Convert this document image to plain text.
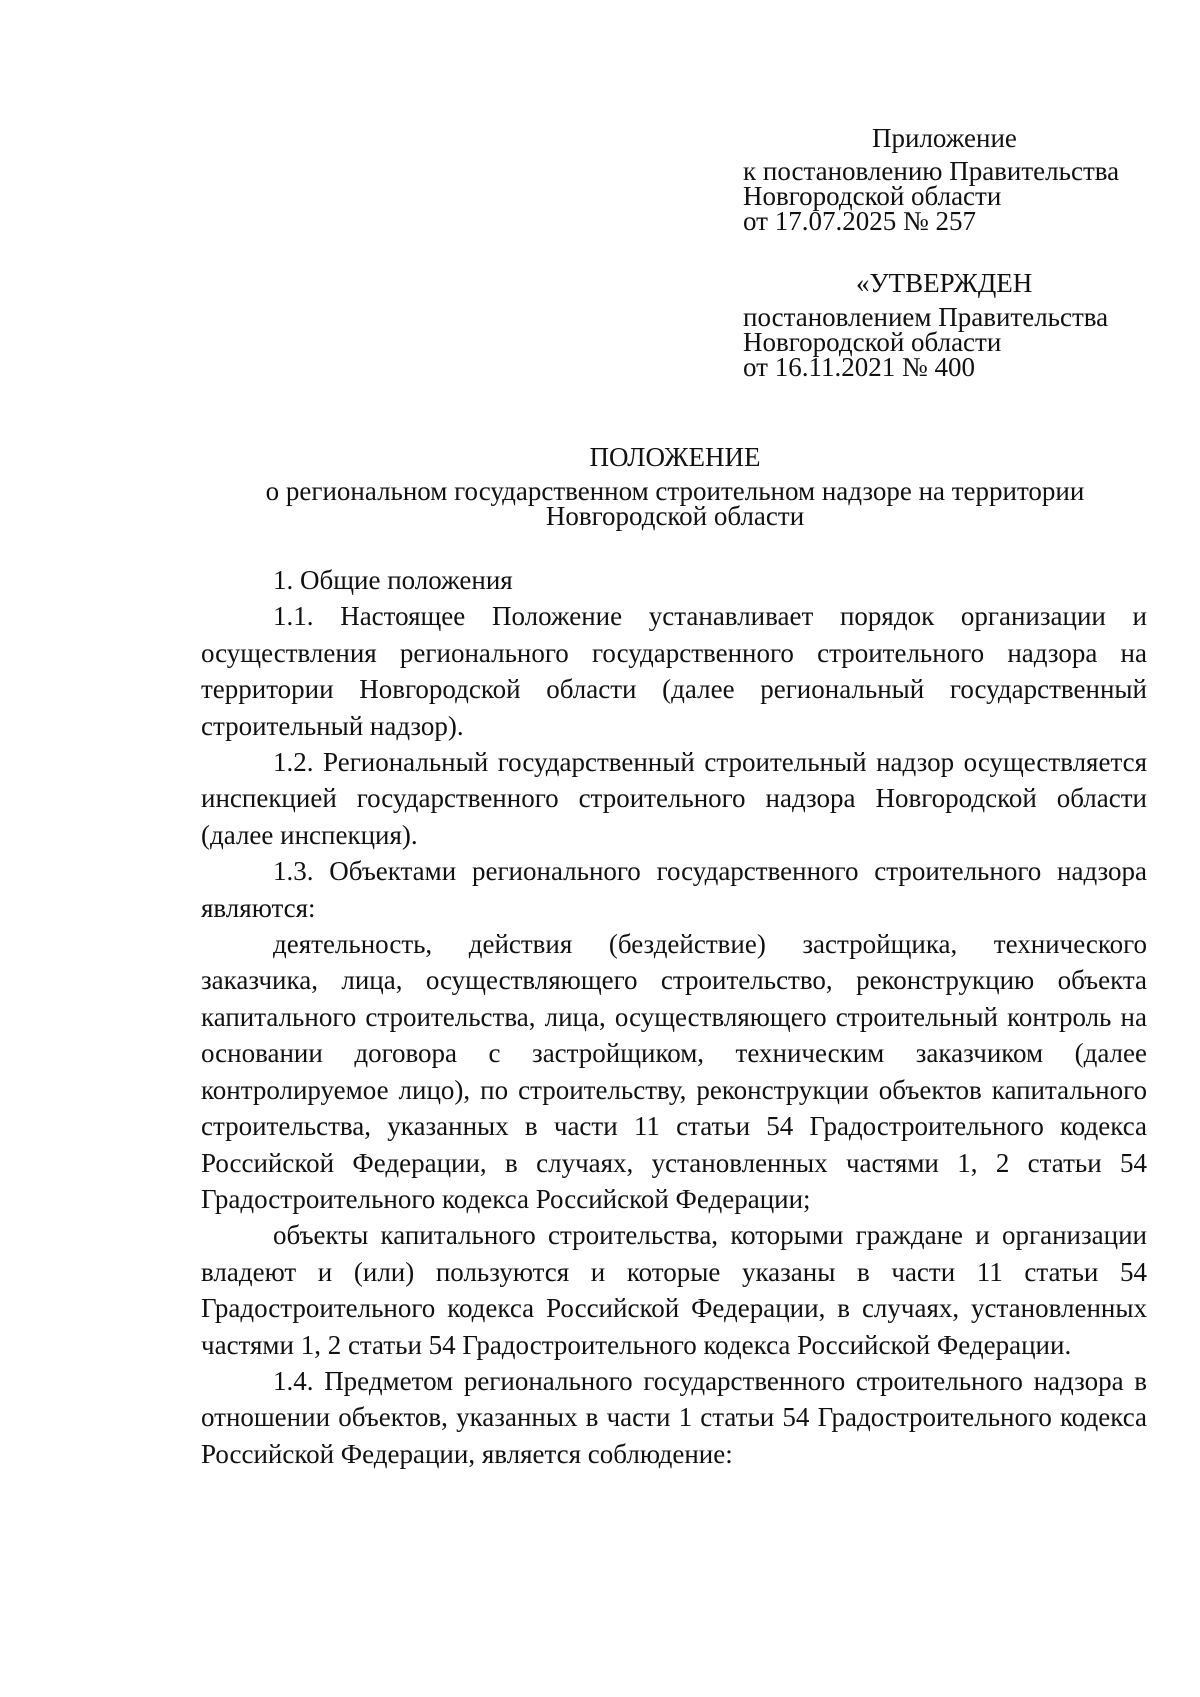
Приложение
к постановлению Правительства
Новгородской области
от 17.07.2025 № 257
«УТВЕРЖДЕН
постановлением Правительства
Новгородской области
от 16.11.2021 № 400
ПОЛОЖЕНИЕ
о региональном государственном строительном надзоре на территории Новгородской области

1. Общие положения

1.1. Настоящее Положение устанавливает порядок организации и осуществления регионального государственного строительного надзора на территории Новгородской области (далее региональный государственный строительный надзор).

1.2. Региональный государственный строительный надзор осуществляется инспекцией государственного строительного надзора Новгородской области (далее инспекция).

1.3. Объектами регионального государственного строительного надзора являются:

деятельность, действия (бездействие) застройщика, технического заказчика, лица, осуществляющего строительство, реконструкцию объекта капитального строительства, лица, осуществляющего строительный контроль на основании договора с застройщиком, техническим заказчиком (далее контролируемое лицо), по строительству, реконструкции объектов капитального строительства, указанных в части 11 статьи 54 Градостроительного кодекса Российской Федерации, в случаях, установленных частями 1, 2 статьи 54 Градостроительного кодекса Российской Федерации;

объекты капитального строительства, которыми граждане и организации владеют и (или) пользуются и которые указаны в части 11 статьи 54 Градостроительного кодекса Российской Федерации, в случаях, установленных частями 1, 2 статьи 54 Градостроительного кодекса Российской Федерации.

1.4. Предметом регионального государственного строительного надзора в отношении объектов, указанных в части 1 статьи 54 Градостроительного кодекса Российской Федерации, является соблюдение:
